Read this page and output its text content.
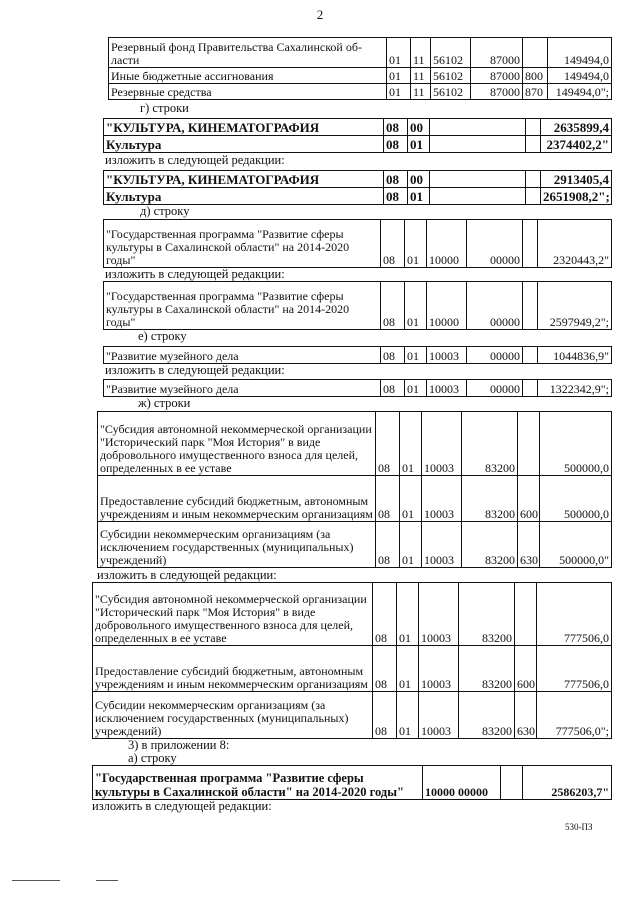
2
Резервный фонд Правительства Сахалинской об-ласти	01	11	56102	87000		149494,0
Иные бюджетные ассигнования	01	11	56102	87000	800	149494,0
Резервные средства	01	11	56102	87000	870	149494,0";
г) строки
"КУЛЬТУРА, КИНЕМАТОГРАФИЯ	08	00			2635899,4
Культура	08	01			2374402,2"
изложить в следующей редакции:
"КУЛЬТУРА, КИНЕМАТОГРАФИЯ	08	00			2913405,4
Культура	08	01			2651908,2";
д) строку
"Государственная программа "Развитие сферы культуры в Сахалинской области" на 2014-2020 годы"	08	01	10000	00000		2320443,2"
изложить в следующей редакции:
"Государственная программа "Развитие сферы культуры в Сахалинской области" на 2014-2020 годы"	08	01	10000	00000		2597949,2";
е) строку
"Развитие музейного дела	08	01	10003	00000		1044836,9"
изложить в следующей редакции:
"Развитие музейного дела	08	01	10003	00000		1322342,9";
ж) строки
"Субсидия автономной некоммерческой организации "Исторический парк "Моя История" в виде добровольного имущественного взноса для целей, определенных в ее уставе	08	01	10003	83200		500000,0
Предоставление субсидий бюджетным, автономным учреждениям и иным некоммерческим организациям	08	01	10003	83200	600	500000,0
Субсидии некоммерческим организациям (за исключением государственных (муниципальных) учреждений)	08	01	10003	83200	630	500000,0"
изложить в следующей редакции:
"Субсидия автономной некоммерческой организации "Исторический парк "Моя История" в виде добровольного имущественного взноса для целей, определенных в ее уставе	08	01	10003	83200		777506,0
Предоставление субсидий бюджетным, автономным учреждениям и иным некоммерческим организациям	08	01	10003	83200	600	777506,0
Субсидии некоммерческим организациям (за исключением государственных (муниципальных) учреждений)	08	01	10003	83200	630	777506,0";
3) в приложении 8:
а) строку
"Государственная программа "Развитие сферы культуры в Сахалинской области" на 2014-2020 годы"	10000 00000		2586203,7"
изложить в следующей редакции:
530-ПЗ
